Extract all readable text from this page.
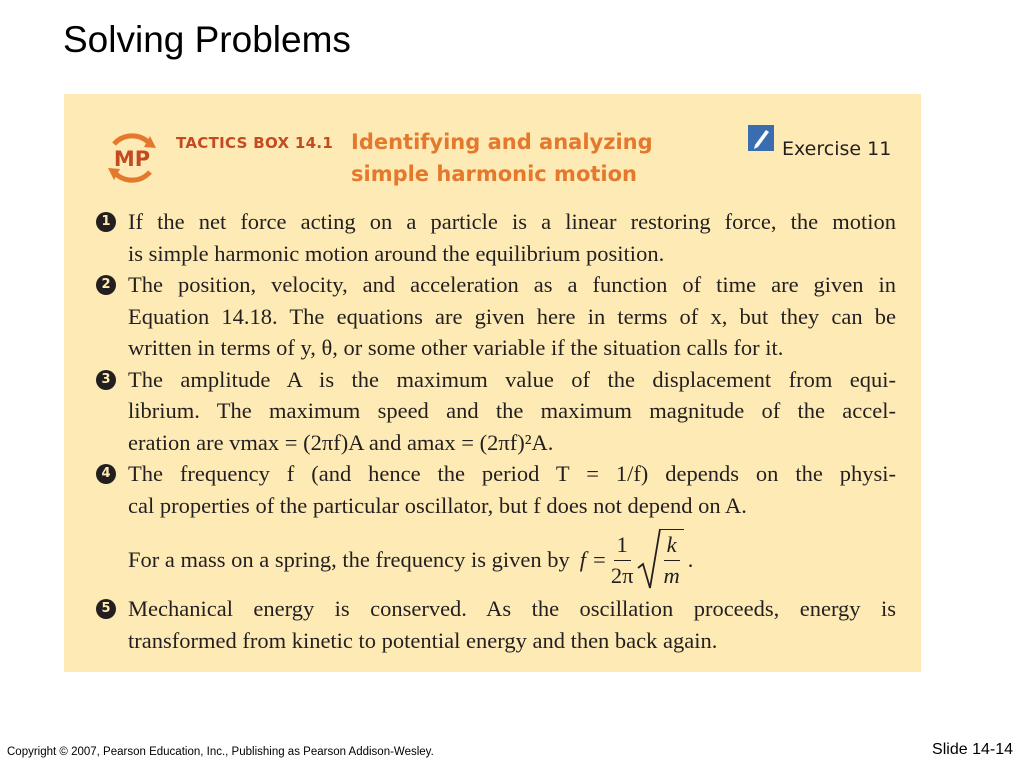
Solving Problems
MP
TACTICS BOX 14.1 Identifying and analyzing
simple harmonic motion
Exercise 11
1 If the net force acting on a particle is a linear restoring force, the motion
is simple harmonic motion around the equilibrium position.
2 The position, velocity, and acceleration as a function of time are given in
Equation 14.18. The equations are given here in terms of x, but they can be
written in terms of y, θ, or some other variable if the situation calls for it.
3 The amplitude A is the maximum value of the displacement from equi-
librium. The maximum speed and the maximum magnitude of the accel-
eration are vmax = (2πf)A and amax = (2πf)²A.
4 The frequency f (and hence the period T = 1/f) depends on the physi-
cal properties of the particular oscillator, but f does not depend on A.
For a mass on a spring, the frequency is given by $f = \frac{1}{2\pi} \frac{k}{m}$ .
5 Mechanical energy is conserved. As the oscillation proceeds, energy is
transformed from kinetic to potential energy and then back again.
Copyright © 2007, Pearson Education, Inc., Publishing as Pearson Addison-Wesley.	Slide 14-14
